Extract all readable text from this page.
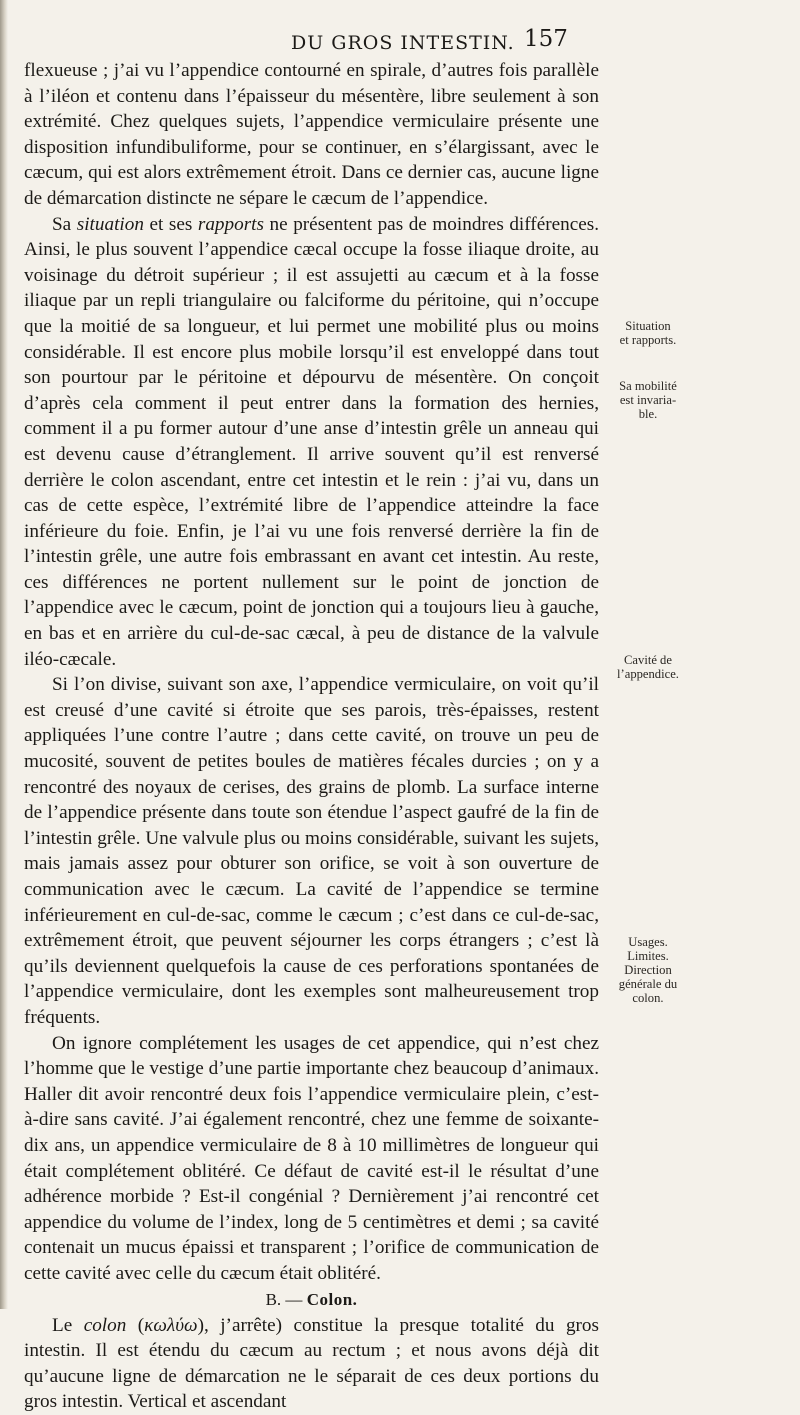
DU GROS INTESTIN. 157

flexueuse ; j’ai vu l’appendice contourné en spirale, d’autres fois parallèle à l’iléon et contenu dans l’épaisseur du mésentère, libre seulement à son extrémité. Chez quelques sujets, l’appendice vermiculaire présente une disposition infundibuliforme, pour se continuer, en s’élargissant, avec le cæcum, qui est alors extrêmement étroit. Dans ce dernier cas, aucune ligne de démarcation distincte ne sépare le cæcum de l’appendice.

Sa situation et ses rapports ne présentent pas de moindres différences. Ainsi, le plus souvent l’appendice cæcal occupe la fosse iliaque droite, au voisinage du détroit supérieur ; il est assujetti au cæcum et à la fosse iliaque par un repli triangulaire ou falciforme du péritoine, qui n’occupe que la moitié de sa longueur, et lui permet une mobilité plus ou moins considérable. Il est encore plus mobile lorsqu’il est enveloppé dans tout son pourtour par le péritoine et dépourvu de mésentère. On conçoit d’après cela comment il peut entrer dans la formation des hernies, comment il a pu former autour d’une anse d’intestin grêle un anneau qui est devenu cause d’étranglement. Il arrive souvent qu’il est renversé derrière le colon ascendant, entre cet intestin et le rein : j’ai vu, dans un cas de cette espèce, l’extrémité libre de l’appendice atteindre la face inférieure du foie. Enfin, je l’ai vu une fois renversé derrière la fin de l’intestin grêle, une autre fois embrassant en avant cet intestin. Au reste, ces différences ne portent nullement sur le point de jonction de l’appendice avec le cæcum, point de jonction qui a toujours lieu à gauche, en bas et en arrière du cul-de-sac cæcal, à peu de distance de la valvule iléo-cæcale.

Si l’on divise, suivant son axe, l’appendice vermiculaire, on voit qu’il est creusé d’une cavité si étroite que ses parois, très-épaisses, restent appliquées l’une contre l’autre ; dans cette cavité, on trouve un peu de mucosité, souvent de petites boules de matières fécales durcies ; on y a rencontré des noyaux de cerises, des grains de plomb. La surface interne de l’appendice présente dans toute son étendue l’aspect gaufré de la fin de l’intestin grêle. Une valvule plus ou moins considérable, suivant les sujets, mais jamais assez pour obturer son orifice, se voit à son ouverture de communication avec le cæcum. La cavité de l’appendice se termine inférieurement en cul-de-sac, comme le cæcum ; c’est dans ce cul-de-sac, extrêmement étroit, que peuvent séjourner les corps étrangers ; c’est là qu’ils deviennent quelquefois la cause de ces perforations spontanées de l’appendice vermiculaire, dont les exemples sont malheureusement trop fréquents.

On ignore complétement les usages de cet appendice, qui n’est chez l’homme que le vestige d’une partie importante chez beaucoup d’animaux. Haller dit avoir rencontré deux fois l’appendice vermiculaire plein, c’est-à-dire sans cavité. J’ai également rencontré, chez une femme de soixante-dix ans, un appendice vermiculaire de 8 à 10 millimètres de longueur qui était complétement oblitéré. Ce défaut de cavité est-il le résultat d’une adhérence morbide ? Est-il congénial ? Dernièrement j’ai rencontré cet appendice du volume de l’index, long de 5 centimètres et demi ; sa cavité contenait un mucus épaissi et transparent ; l’orifice de communication de cette cavité avec celle du cæcum était oblitéré.

B. — Colon.

Le colon (κωλύω), j’arrête) constitue la presque totalité du gros intestin. Il est étendu du cæcum au rectum ; et nous avons déjà dit qu’aucune ligne de démarcation ne le séparait de ces deux portions du gros intestin. Vertical et ascendant

Situation
et rapports.
Sa mobilité
est invaria-
ble.
Cavité de
l’appendice.
Usages.
Limites.
Direction
générale du
colon.
